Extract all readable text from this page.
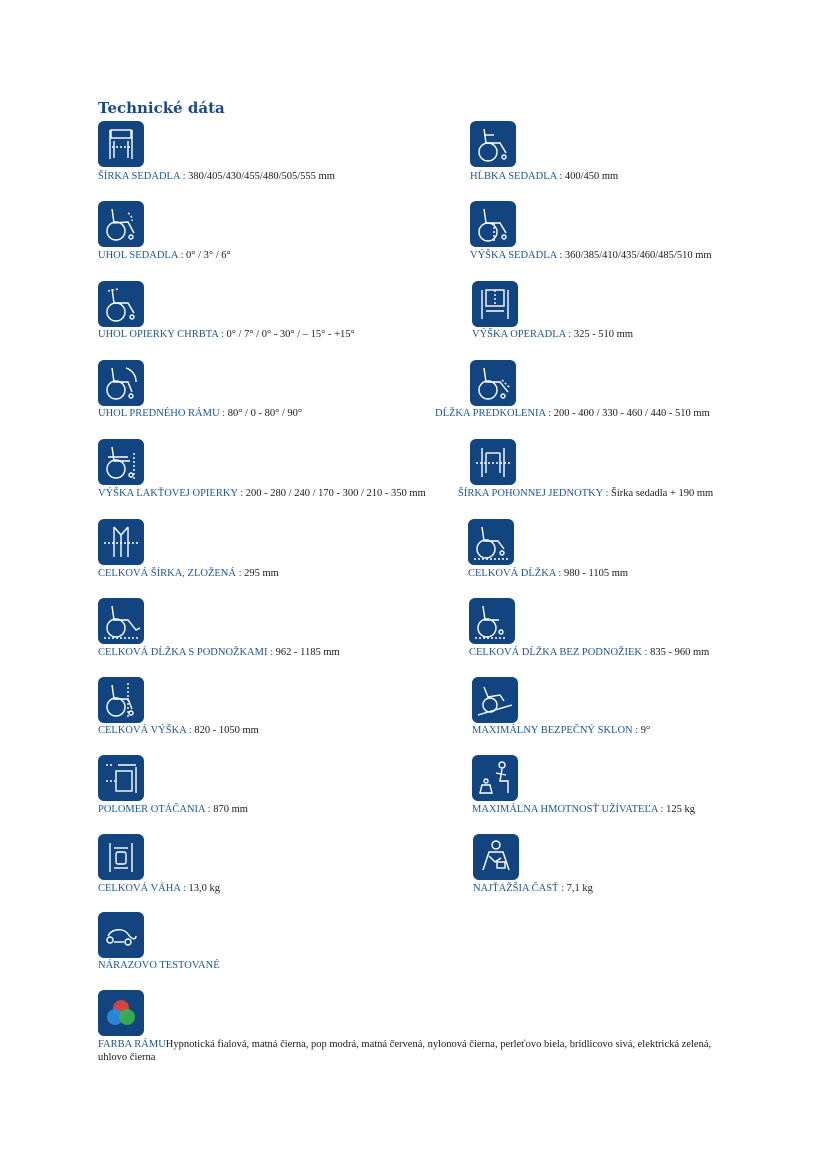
Technické dáta
ŠÍRKA SEDADLA : 380/405/430/455/480/505/555 mm	HĹBKA SEDADLA : 400/450 mm
UHOL SEDADLA : 0° / 3° / 6°	VÝŠKA SEDADLA : 360/385/410/435/460/485/510 mm
UHOL OPIERKY CHRBTA : 0° / 7° / 0° - 30° / – 15° - +15°	VÝŠKA OPERADLA : 325 - 510 mm
UHOL PREDNÉHO RÁMU : 80° / 0 - 80° / 90°	DĹŽKA PREDKOLENIA : 200 - 400 / 330 - 460 / 440 - 510 mm
VÝŠKA LAKŤOVEJ OPIERKY : 200 - 280 / 240 / 170 - 300 / 210 - 350 mm	ŠÍRKA POHONNEJ JEDNOTKY : Šírka sedadla + 190 mm
CELKOVÁ ŠÍRKA, ZLOŽENÁ : 295 mm	CELKOVÁ DĹŽKA : 980 - 1105 mm
CELKOVÁ DĹŽKA S PODNOŽKAMI : 962 - 1185 mm	CELKOVÁ DĹŽKA BEZ PODNOŽIEK : 835 - 960 mm
CELKOVÁ VÝŠKA : 820 - 1050 mm	MAXIMÁLNY BEZPEČNÝ SKLON : 9°
POLOMER OTÁČANIA : 870 mm	MAXIMÁLNA HMOTNOSŤ UŽÍVATEĽA : 125 kg
CELKOVÁ VÁHA : 13,0 kg	NAJŤAŽŠIA ČASŤ : 7,1 kg
NÁRAZOVO TESTOVANÉ
FARBA RÁMUHypnotická fialová, matná čierna, pop modrá, matná červená, nylonová čierna, perleťovo biela, bridlicovo sivá, elektrická zelená, uhlovo čierna
